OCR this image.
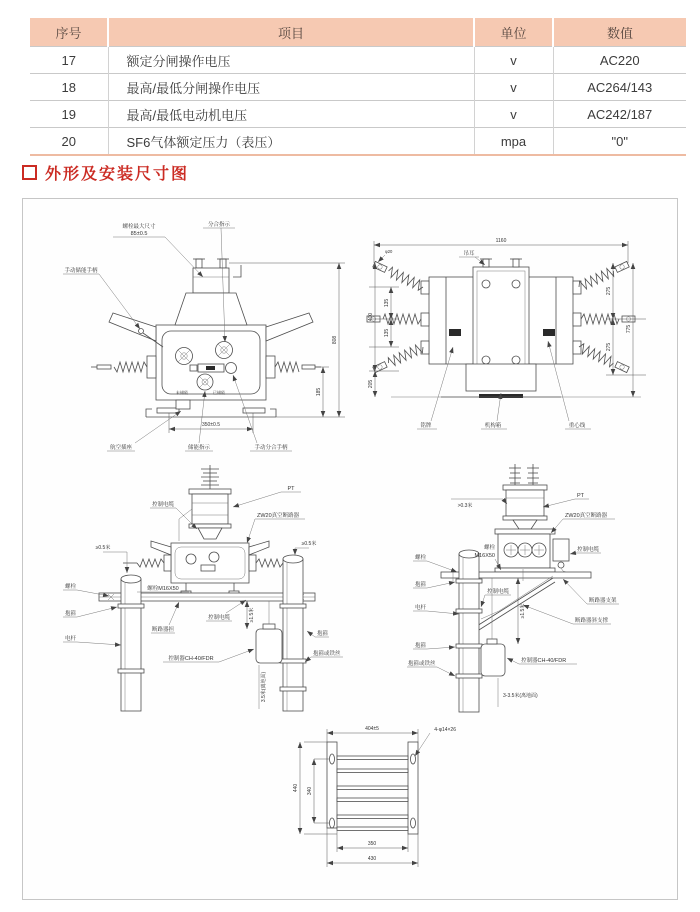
序号	项目	单位	数值
17	额定分闸操作电压	v	AC220
18	最高/最低分闸操作电压	v	AC264/143
19	最高/最低电动机电压	v	AC242/187
20	SF6气体额定压力（表压）	mpa	"0"
外形及安装尺寸图
808
185
350±0.5
螺栓最大尺寸
85±0.5
分合指示
手动储能手柄
未储能	已储能
航空插座	储能指示	手动分合手柄
1160
φ20
275
275
775
135
135
400
205
吊耳
铭牌	机构箱	重心线
≥0.5米
≥0.5米
≥1.5米
3.5米(离地面)
PT
控制电缆
ZW20真空断路器
螺栓	螺栓M16X50
抱箍
电杆
断路器担
控制电缆
控制器CH-40/FDR
抱箍
抱箍或铁丝
>0.3米
≥1.5米
3-3.5米(离地面)
PT
ZW20真空断路器
控制电缆
螺栓
M16X50
螺栓
抱箍
电杆
控制电缆
断路器支架
断路器斜支撑
抱箍
抱箍或铁丝	控制器CH-40/FDR
404±5	4-φ14×26
440 340
350
430
